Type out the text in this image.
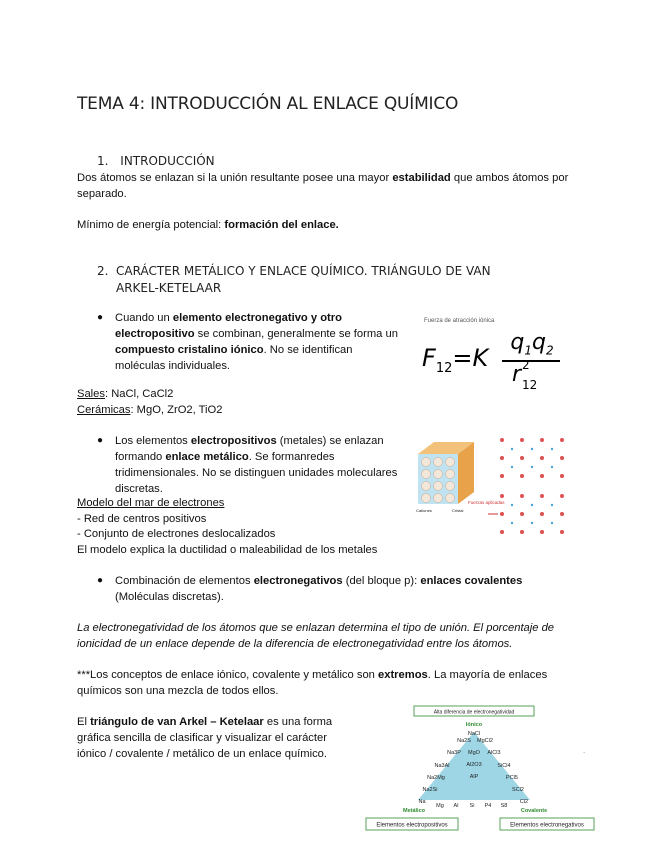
TEMA 4: INTRODUCCIÓN AL ENLACE QUÍMICO
1. INTRODUCCIÓN
Dos átomos se enlazan si la unión resultante posee una mayor estabilidad que ambos átomos por separado.
Mínimo de energía potencial: formación del enlace.
2. CARÁCTER METÁLICO Y ENLACE QUÍMICO. TRIÁNGULO DE VAN ARKEL-KETELAAR
● Cuando un elemento electronegativo y otro electropositivo se combinan, generalmente se forma un compuesto cristalino iónico. No se identifican moléculas individuales.
Fuerza de atracción iónica
$F_{12}=K$
$q_1q_2$
r 2
12
Sales: NaCl, CaCl2
Cerámicas: MgO, ZrO2, TiO2
● Los elementos electropositivos (metales) se enlazan formando enlace metálico. Se formanredes tridimensionales. No se distinguen unidades moleculares discretas.
Cationes	Cristal
Fuerzas aplicadas
Modelo del mar de electrones
- Red de centros positivos
- Conjunto de electrones deslocalizados
El modelo explica la ductilidad o maleabilidad de los metales
● Combinación de elementos electronegativos (del bloque p): enlaces covalentes (Moléculas discretas).
La electronegatividad de los átomos que se enlazan determina el tipo de unión. El porcentaje de ionicidad de un enlace depende de la diferencia de electronegatividad entre los átomos.
***Los conceptos de enlace iónico, covalente y metálico son extremos. La mayoría de enlaces químicos son una mezcla de todos ellos.
El triángulo de van Arkel – Ketelaar es una forma gráfica sencilla de clasificar y visualizar el carácter iónico / covalente / metálico de un enlace químico.
Alta diferencia de electronegatividad
Iónico
NaCl
Na2S MgCl2
Na3P MgO AlCl3
Na3Al	SiCl4
AlP
Na2Mg	PCl5
Na2Si	SCl2
Na
Mg Al Si P4 S8
Cl2
Metálico	Covalente
Elementos electropositivos	Elementos electronegativos
Al2O3
.
